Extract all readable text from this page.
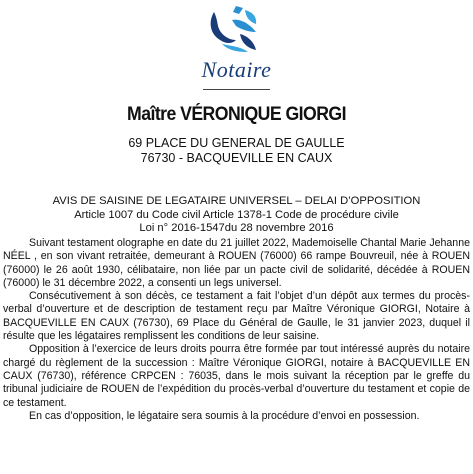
Notaire
Maître VÉRONIQUE GIORGI
69 PLACE DU GENERAL DE GAULLE
76730 - BACQUEVILLE EN CAUX
AVIS DE SAISINE DE LEGATAIRE UNIVERSEL – DELAI D’OPPOSITION
Article 1007 du Code civil Article 1378-1 Code de procédure civile Loi n° 2016-1547du 28 novembre 2016

Suivant testament olographe en date du 21 juillet 2022, Mademoiselle Chantal Marie Jehanne NÉEL , en son vivant retraitée, demeurant à ROUEN (76000) 66 rampe Bouvreuil, née à ROUEN (76000) le 26 août 1930, célibataire, non liée par un pacte civil de solidarité, décédée à ROUEN (76000) le 31 décembre 2022, a consenti un legs universel.

Consécutivement à son décès, ce testament a fait l’objet d’un dépôt aux termes du procès-verbal d’ouverture et de description de testament reçu par Maître Véronique GIORGI, Notaire à BACQUEVILLE EN CAUX (76730), 69 Place du Général de Gaulle, le 31 janvier 2023, duquel il résulte que les légataires remplissent les conditions de leur saisine.

Opposition à l’exercice de leurs droits pourra être formée par tout intéressé auprès du notaire chargé du règlement de la succession : Maître Véronique GIORGI, notaire à BACQUEVILLE EN CAUX (76730), référence CRPCEN : 76035, dans le mois suivant la réception par le greffe du tribunal judiciaire de ROUEN de l’expédition du procès-verbal d’ouverture du testament et copie de ce testament.

En cas d’opposition, le légataire sera soumis à la procédure d’envoi en possession.
